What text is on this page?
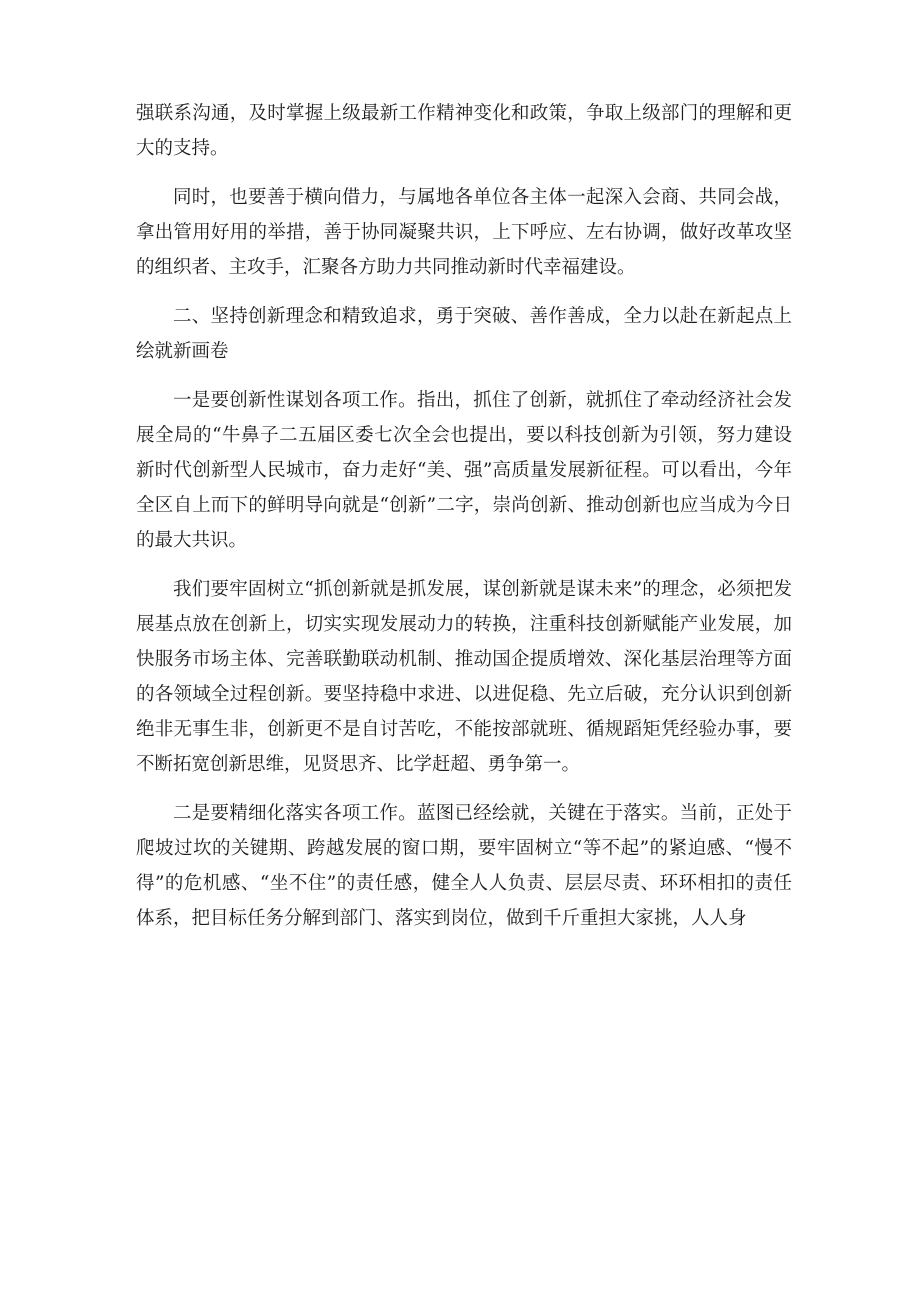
强联系沟通，及时掌握上级最新工作精神变化和政策，争取上级部门的理解和更大的支持。

同时，也要善于横向借力，与属地各单位各主体一起深入会商、共同会战，拿出管用好用的举措，善于协同凝聚共识，上下呼应、左右协调，做好改革攻坚的组织者、主攻手，汇聚各方助力共同推动新时代幸福建设。

二、坚持创新理念和精致追求，勇于突破、善作善成，全力以赴在新起点上绘就新画卷

一是要创新性谋划各项工作。指出，抓住了创新，就抓住了牵动经济社会发展全局的“牛鼻子二五届区委七次全会也提出，要以科技创新为引领，努力建设新时代创新型人民城市，奋力走好“美、强”高质量发展新征程。可以看出，今年全区自上而下的鲜明导向就是“创新”二字，崇尚创新、推动创新也应当成为今日的最大共识。

我们要牢固树立“抓创新就是抓发展，谋创新就是谋未来”的理念，必须把发展基点放在创新上，切实实现发展动力的转换，注重科技创新赋能产业发展，加快服务市场主体、完善联勤联动机制、推动国企提质增效、深化基层治理等方面的各领域全过程创新。要坚持稳中求进、以进促稳、先立后破，充分认识到创新绝非无事生非，创新更不是自讨苦吃，不能按部就班、循规蹈矩凭经验办事，要不断拓宽创新思维，见贤思齐、比学赶超、勇争第一。

二是要精细化落实各项工作。蓝图已经绘就，关键在于落实。当前，正处于爬坡过坎的关键期、跨越发展的窗口期，要牢固树立“等不起”的紧迫感、“慢不得”的危机感、“坐不住”的责任感，健全人人负责、层层尽责、环环相扣的责任体系，把目标任务分解到部门、落实到岗位，做到千斤重担大家挑，人人身
